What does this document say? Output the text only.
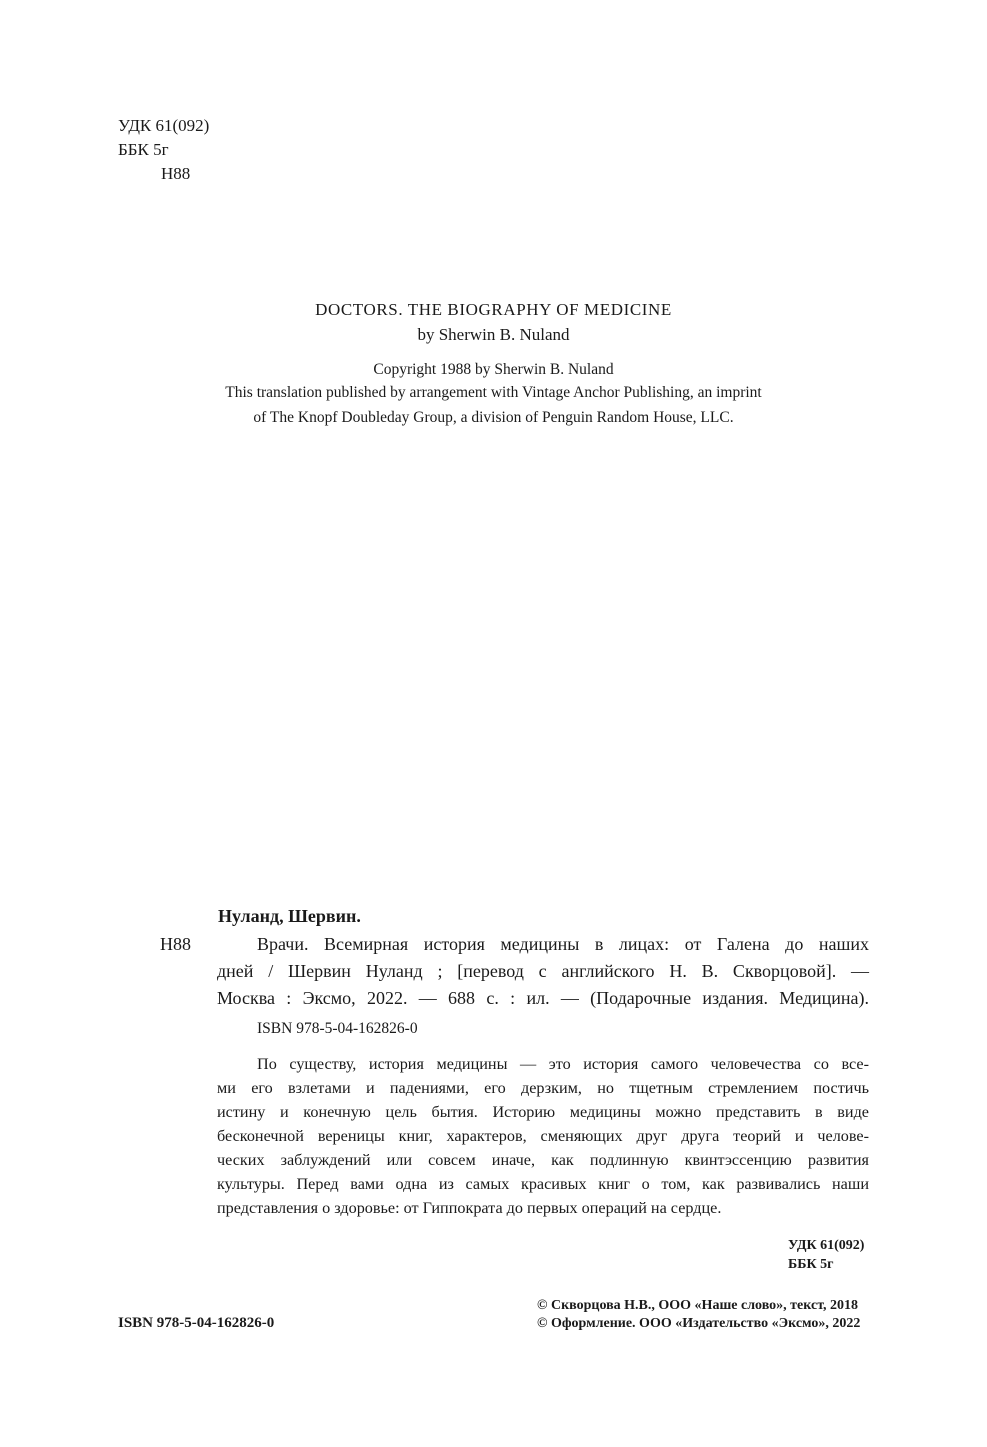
УДК 61(092)
ББК 5г
Н88
DOCTORS. THE BIOGRAPHY OF MEDICINE
by Sherwin B. Nuland
Copyright 1988 by Sherwin B. Nuland
This translation published by arrangement with Vintage Anchor Publishing, an imprint
of The Knopf Doubleday Group, a division of Penguin Random House, LLC.
Нуланд, Шервин.
Н88	Врачи. Всемирная история медицины в лицах: от Галена до наших
дней / Шервин Нуланд ; [перевод с английского Н. В. Скворцовой]. —
Москва : Эксмо, 2022. — 688 с. : ил. — (Подарочные издания. Медицина).
ISBN 978-5-04-162826-0
По существу, история медицины — это история самого человечества со все-
ми его взлетами и падениями, его дерзким, но тщетным стремлением постичь
истину и конечную цель бытия. Историю медицины можно представить в виде
бесконечной вереницы книг, характеров, сменяющих друг друга теорий и челове-
ческих заблуждений или совсем иначе, как подлинную квинтэссенцию развития
культуры. Перед вами одна из самых красивых книг о том, как развивались наши
представления о здоровье: от Гиппократа до первых операций на сердце.
УДК 61(092)
ББК 5г
ISBN 978-5-04-162826-0
© Скворцова Н.В., ООО «Наше слово», текст, 2018
© Оформление. ООО «Издательство «Эксмо», 2022
